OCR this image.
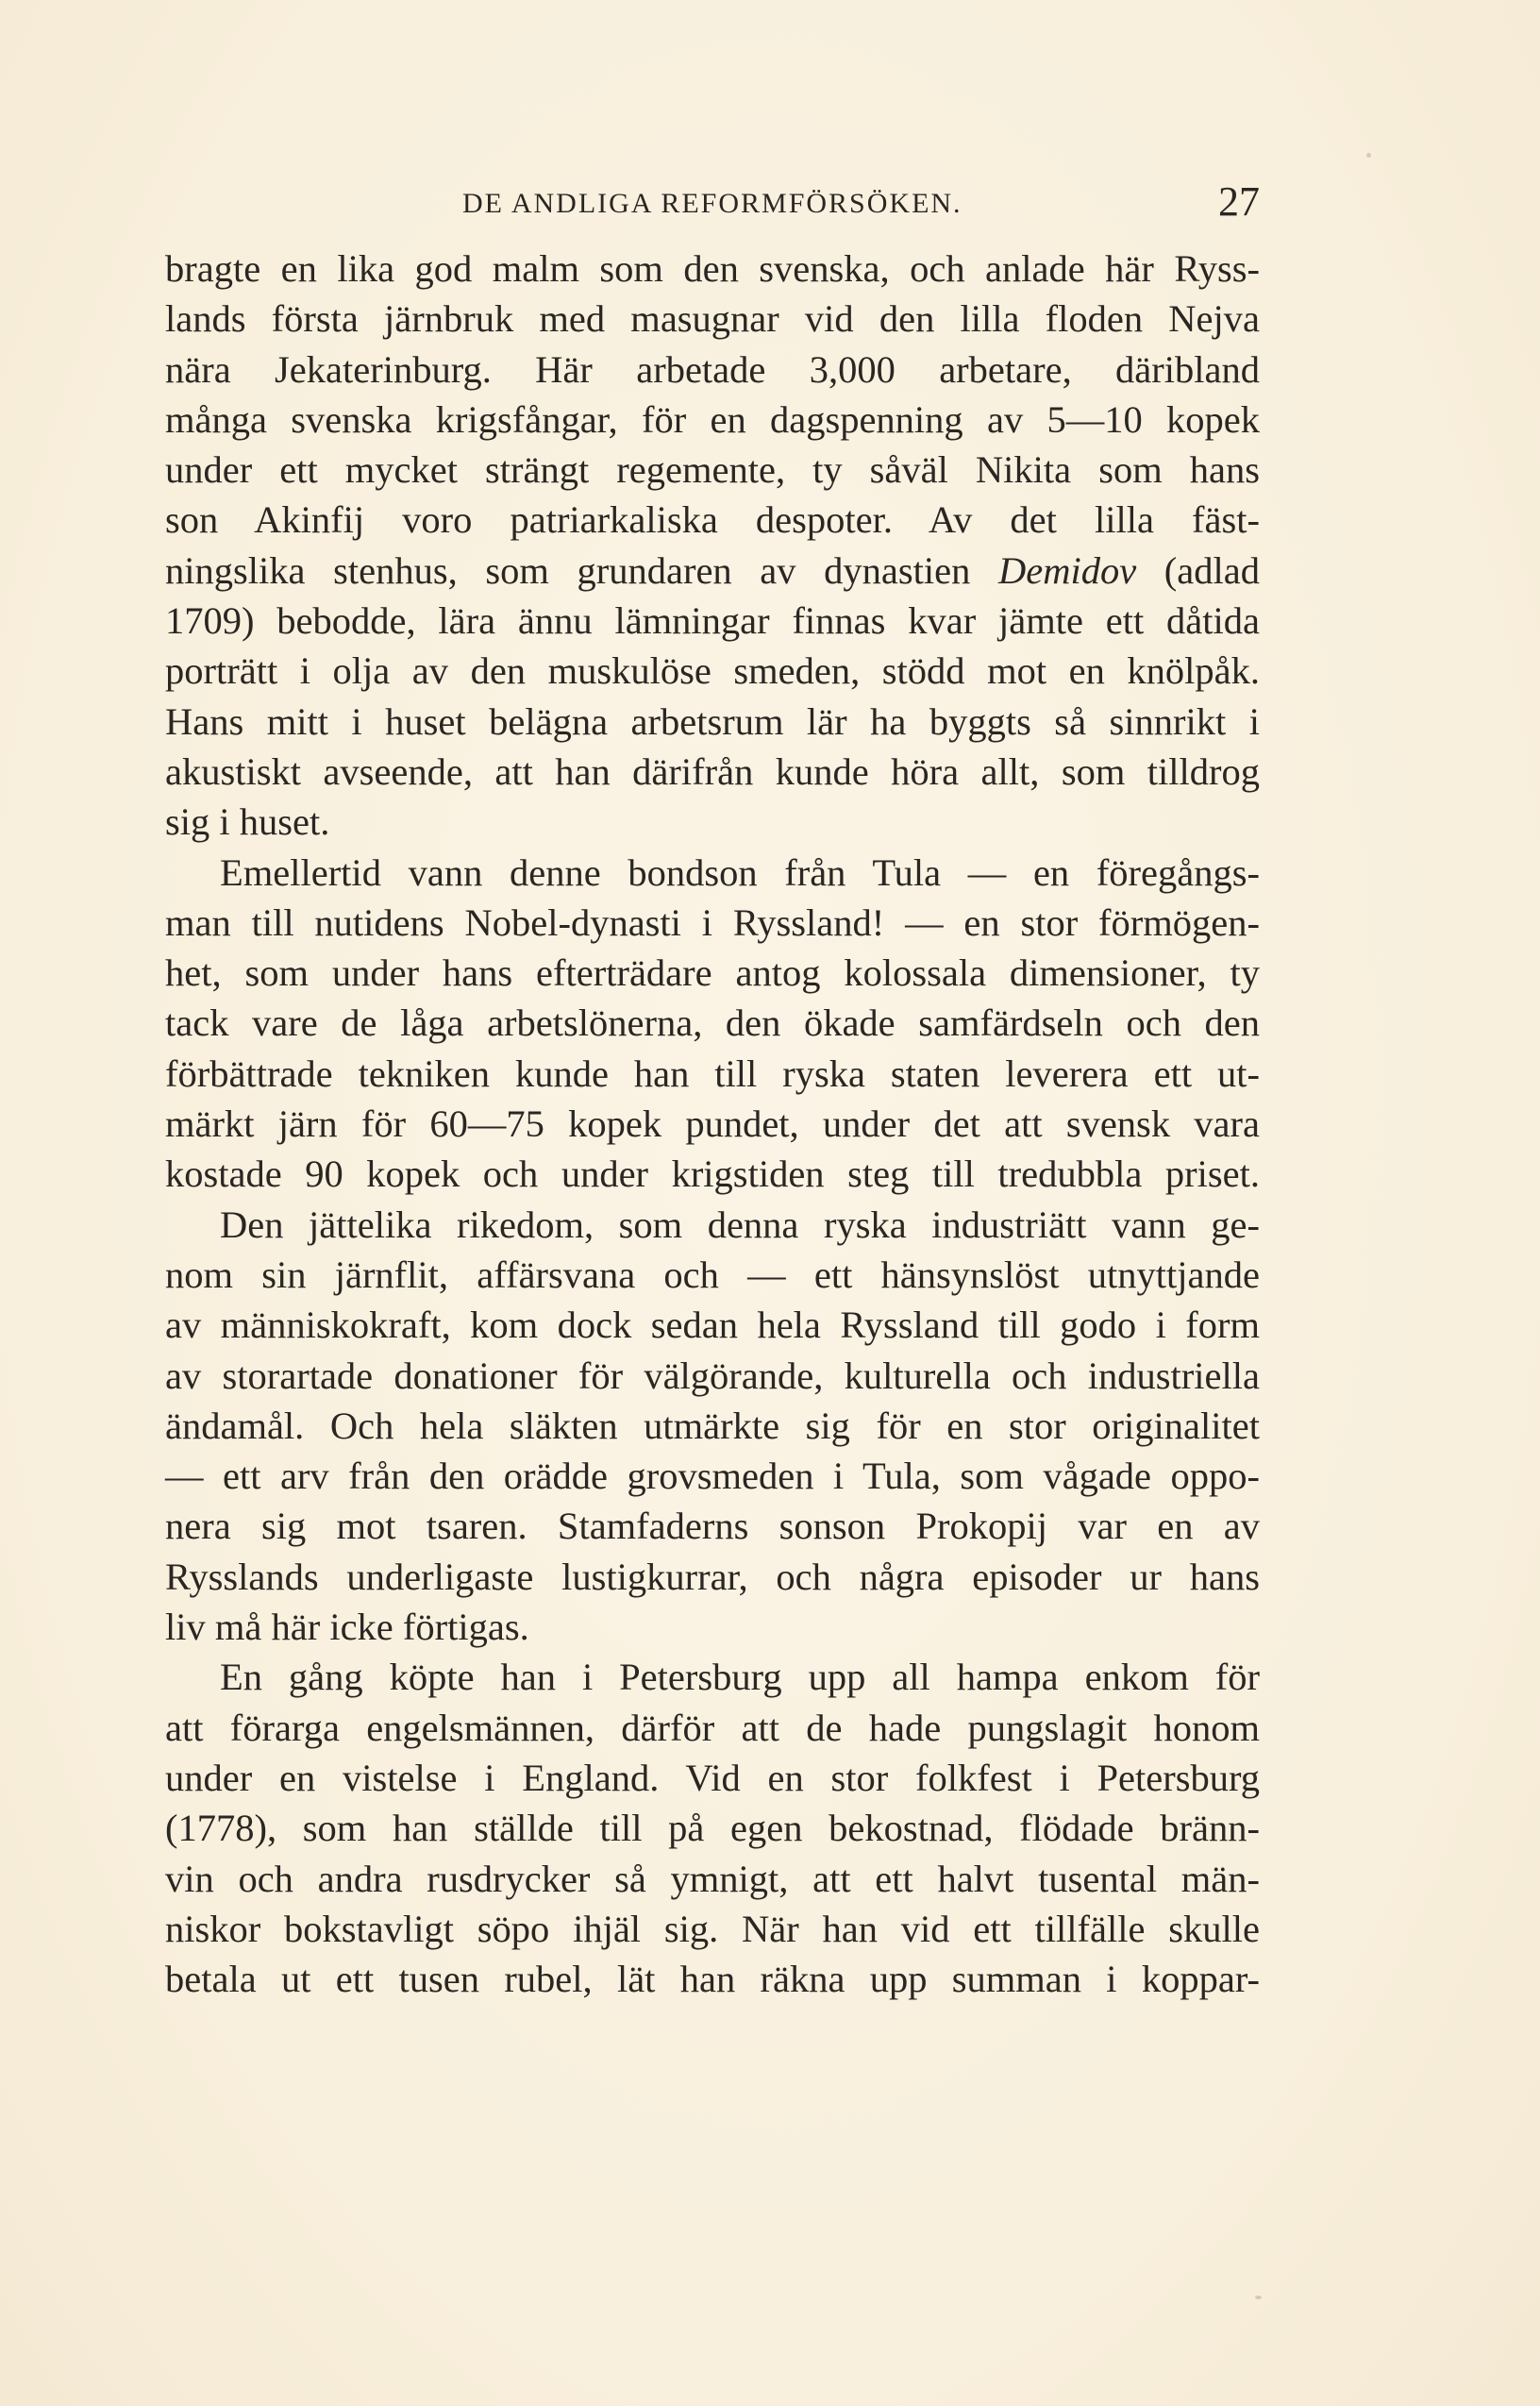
DE ANDLIGA REFORMFÖRSÖKEN.	27
bragte en lika god malm som den svenska, och anlade här Ryss-
lands första järnbruk med masugnar vid den lilla floden Nejva
nära Jekaterinburg. Här arbetade 3,000 arbetare, däribland
många svenska krigsfångar, för en dagspenning av 5—10 kopek
under ett mycket strängt regemente, ty såväl Nikita som hans
son Akinfij voro patriarkaliska despoter. Av det lilla fäst-
ningslika stenhus, som grundaren av dynastien Demidov (adlad
1709) bebodde, lära ännu lämningar finnas kvar jämte ett dåtida
porträtt i olja av den muskulöse smeden, stödd mot en knölpåk.
Hans mitt i huset belägna arbetsrum lär ha byggts så sinnrikt i
akustiskt avseende, att han därifrån kunde höra allt, som tilldrog
sig i huset.
Emellertid vann denne bondson från Tula — en föregångs-
man till nutidens Nobel-dynasti i Ryssland! — en stor förmögen-
het, som under hans efterträdare antog kolossala dimensioner, ty
tack vare de låga arbetslönerna, den ökade samfärdseln och den
förbättrade tekniken kunde han till ryska staten leverera ett ut-
märkt järn för 60—75 kopek pundet, under det att svensk vara
kostade 90 kopek och under krigstiden steg till tredubbla priset.
Den jättelika rikedom, som denna ryska industriätt vann ge-
nom sin järnflit, affärsvana och — ett hänsynslöst utnyttjande
av människokraft, kom dock sedan hela Ryssland till godo i form
av storartade donationer för välgörande, kulturella och industriella
ändamål. Och hela släkten utmärkte sig för en stor originalitet
— ett arv från den orädde grovsmeden i Tula, som vågade oppo-
nera sig mot tsaren. Stamfaderns sonson Prokopij var en av
Rysslands underligaste lustigkurrar, och några episoder ur hans
liv må här icke förtigas.
En gång köpte han i Petersburg upp all hampa enkom för
att förarga engelsmännen, därför att de hade pungslagit honom
under en vistelse i England. Vid en stor folkfest i Petersburg
(1778), som han ställde till på egen bekostnad, flödade bränn-
vin och andra rusdrycker så ymnigt, att ett halvt tusental män-
niskor bokstavligt söpo ihjäl sig. När han vid ett tillfälle skulle
betala ut ett tusen rubel, lät han räkna upp summan i koppar-
